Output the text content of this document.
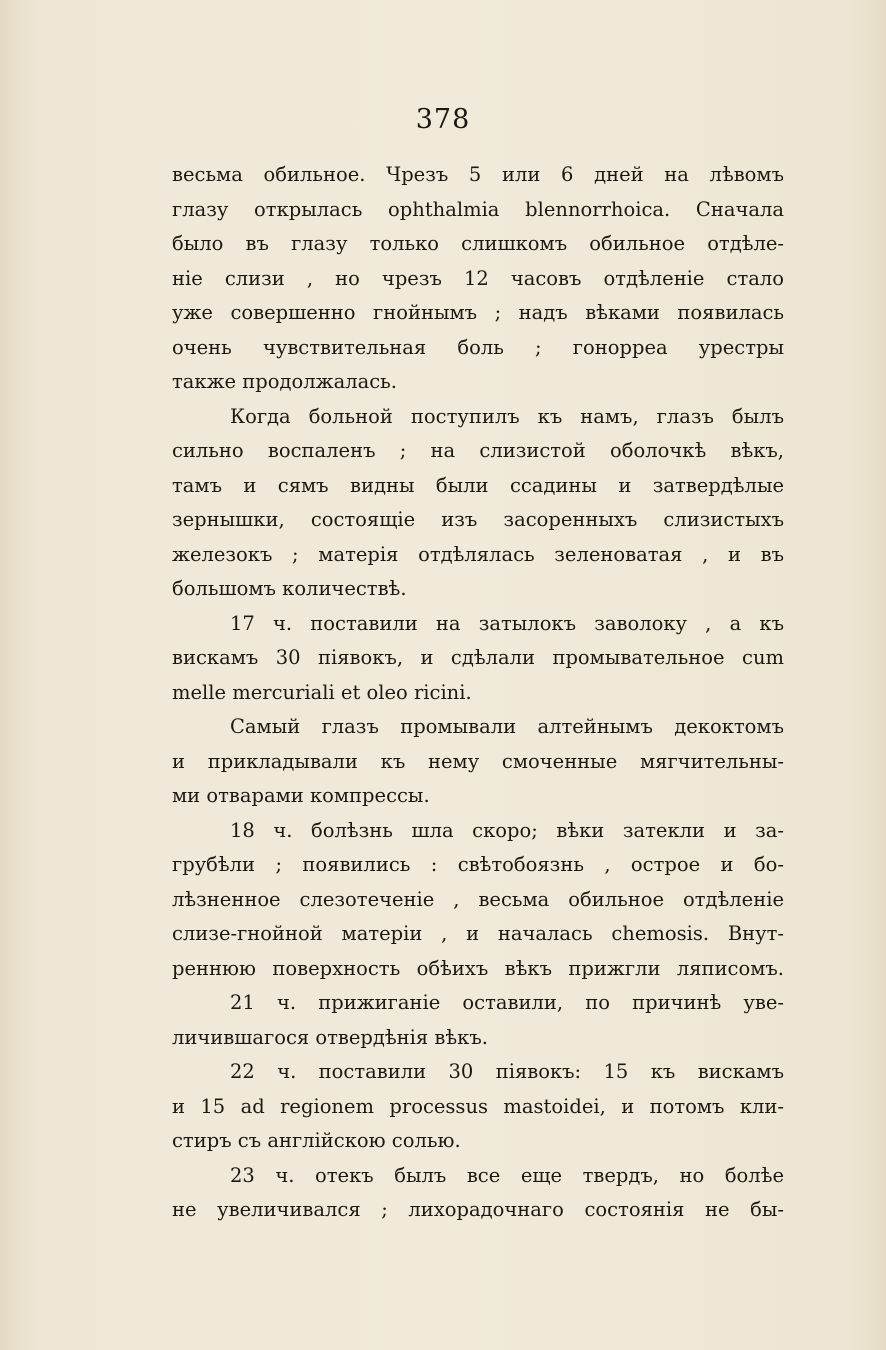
378
весьма обильное. Чрезъ 5 или 6 дней на лѣвомъ
глазу открылась ophthalmia blennorrhoica. Сначала
было въ глазу только слишкомъ обильное отдѣле-
ніе слизи , но чрезъ 12 часовъ отдѣленіе стало
уже совершенно гнойнымъ ; надъ вѣками появилась
очень чувствительная боль ; гонорреа урестры
также продолжалась.
Когда больной поступилъ къ намъ, глазъ былъ
сильно воспаленъ ; на слизистой оболочкѣ вѣкъ,
тамъ и сямъ видны были ссадины и затвердѣлые
зернышки, состоящіе изъ засоренныхъ слизистыхъ
железокъ ; матерія отдѣлялась зеленоватая , и въ
большомъ количествѣ.
17 ч. поставили на затылокъ заволоку , а къ
вискамъ 30 піявокъ, и сдѣлали промывательное cum
melle mercuriali et oleo ricini.
Самый глазъ промывали алтейнымъ декоктомъ
и прикладывали къ нему смоченные мягчительны-
ми отварами компрессы.
18 ч. болѣзнь шла скоро; вѣки затекли и за-
грубѣли ; появились : свѣтобоязнь , острое и бо-
лѣзненное слезотеченіе , весьма обильное отдѣленіе
слизе-гнойной матеріи , и началась chemosis. Внут-
реннюю поверхность обѣихъ вѣкъ прижгли ляписомъ.
21 ч. прижиганіе оставили, по причинѣ уве-
личившагося отвердѣнія вѣкъ.
22 ч. поставили 30 піявокъ: 15 къ вискамъ
и 15 ad regionem processus mastoidei, и потомъ кли-
стиръ съ англійскою солью.
23 ч. отекъ былъ все еще твердъ, но болѣе
не увеличивался ; лихорадочнаго состоянія не бы-
